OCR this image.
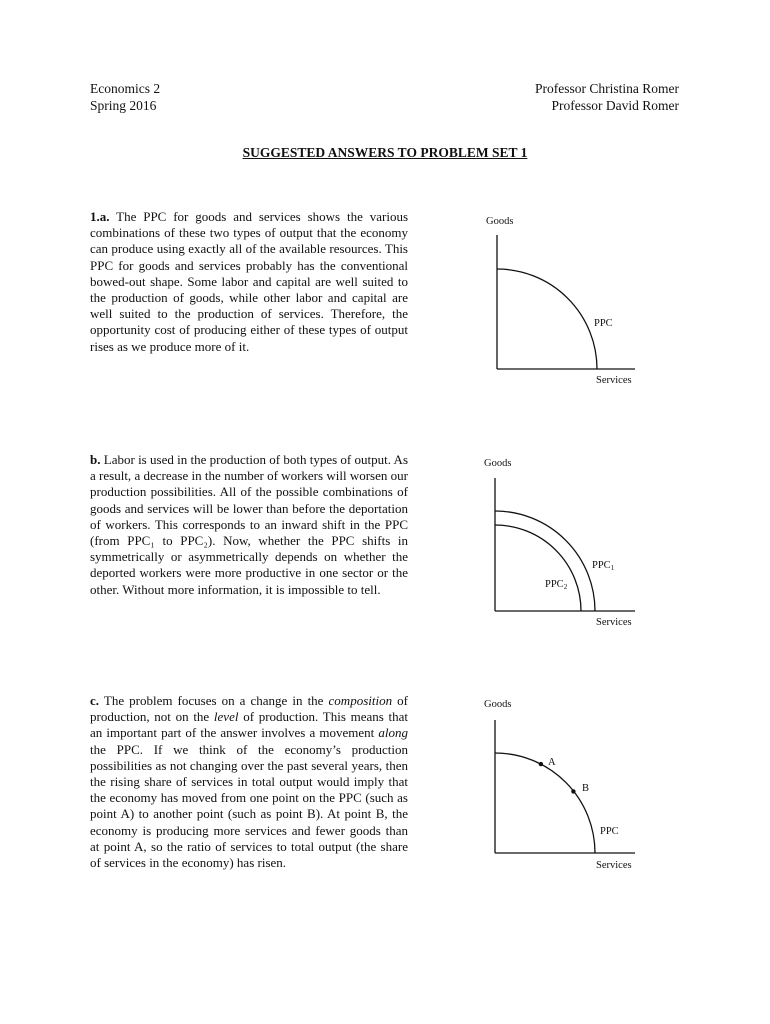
Economics 2
Spring 2016
Professor Christina Romer
Professor David Romer
SUGGESTED ANSWERS TO PROBLEM SET 1
1.a. The PPC for goods and services shows the various combinations of these two types of output that the economy can produce using exactly all of the available resources. This PPC for goods and services probably has the conventional bowed-out shape. Some labor and capital are well suited to the production of goods, while other labor and capital are well suited to the production of services. Therefore, the opportunity cost of producing either of these types of output rises as we produce more of it.
Goods
PPC
Services
b. Labor is used in the production of both types of output. As a result, a decrease in the number of workers will worsen our production possibilities. All of the possible combinations of goods and services will be lower than before the deportation of workers. This corresponds to an inward shift in the PPC (from PPC₁ to PPC₂). Now, whether the PPC shifts in symmetrically or asymmetrically depends on whether the deported workers were more productive in one sector or the other. Without more information, it is impossible to tell.
Goods
PPC1
PPC2
Services
c. The problem focuses on a change in the composition of production, not on the level of production. This means that an important part of the answer involves a movement along the PPC. If we think of the economy’s production possibilities as not changing over the past several years, then the rising share of services in total output would imply that the economy has moved from one point on the PPC (such as point A) to another point (such as point B). At point B, the economy is producing more services and fewer goods than at point A, so the ratio of services to total output (the share of services in the economy) has risen.
Goods
A
B
PPC
Services
